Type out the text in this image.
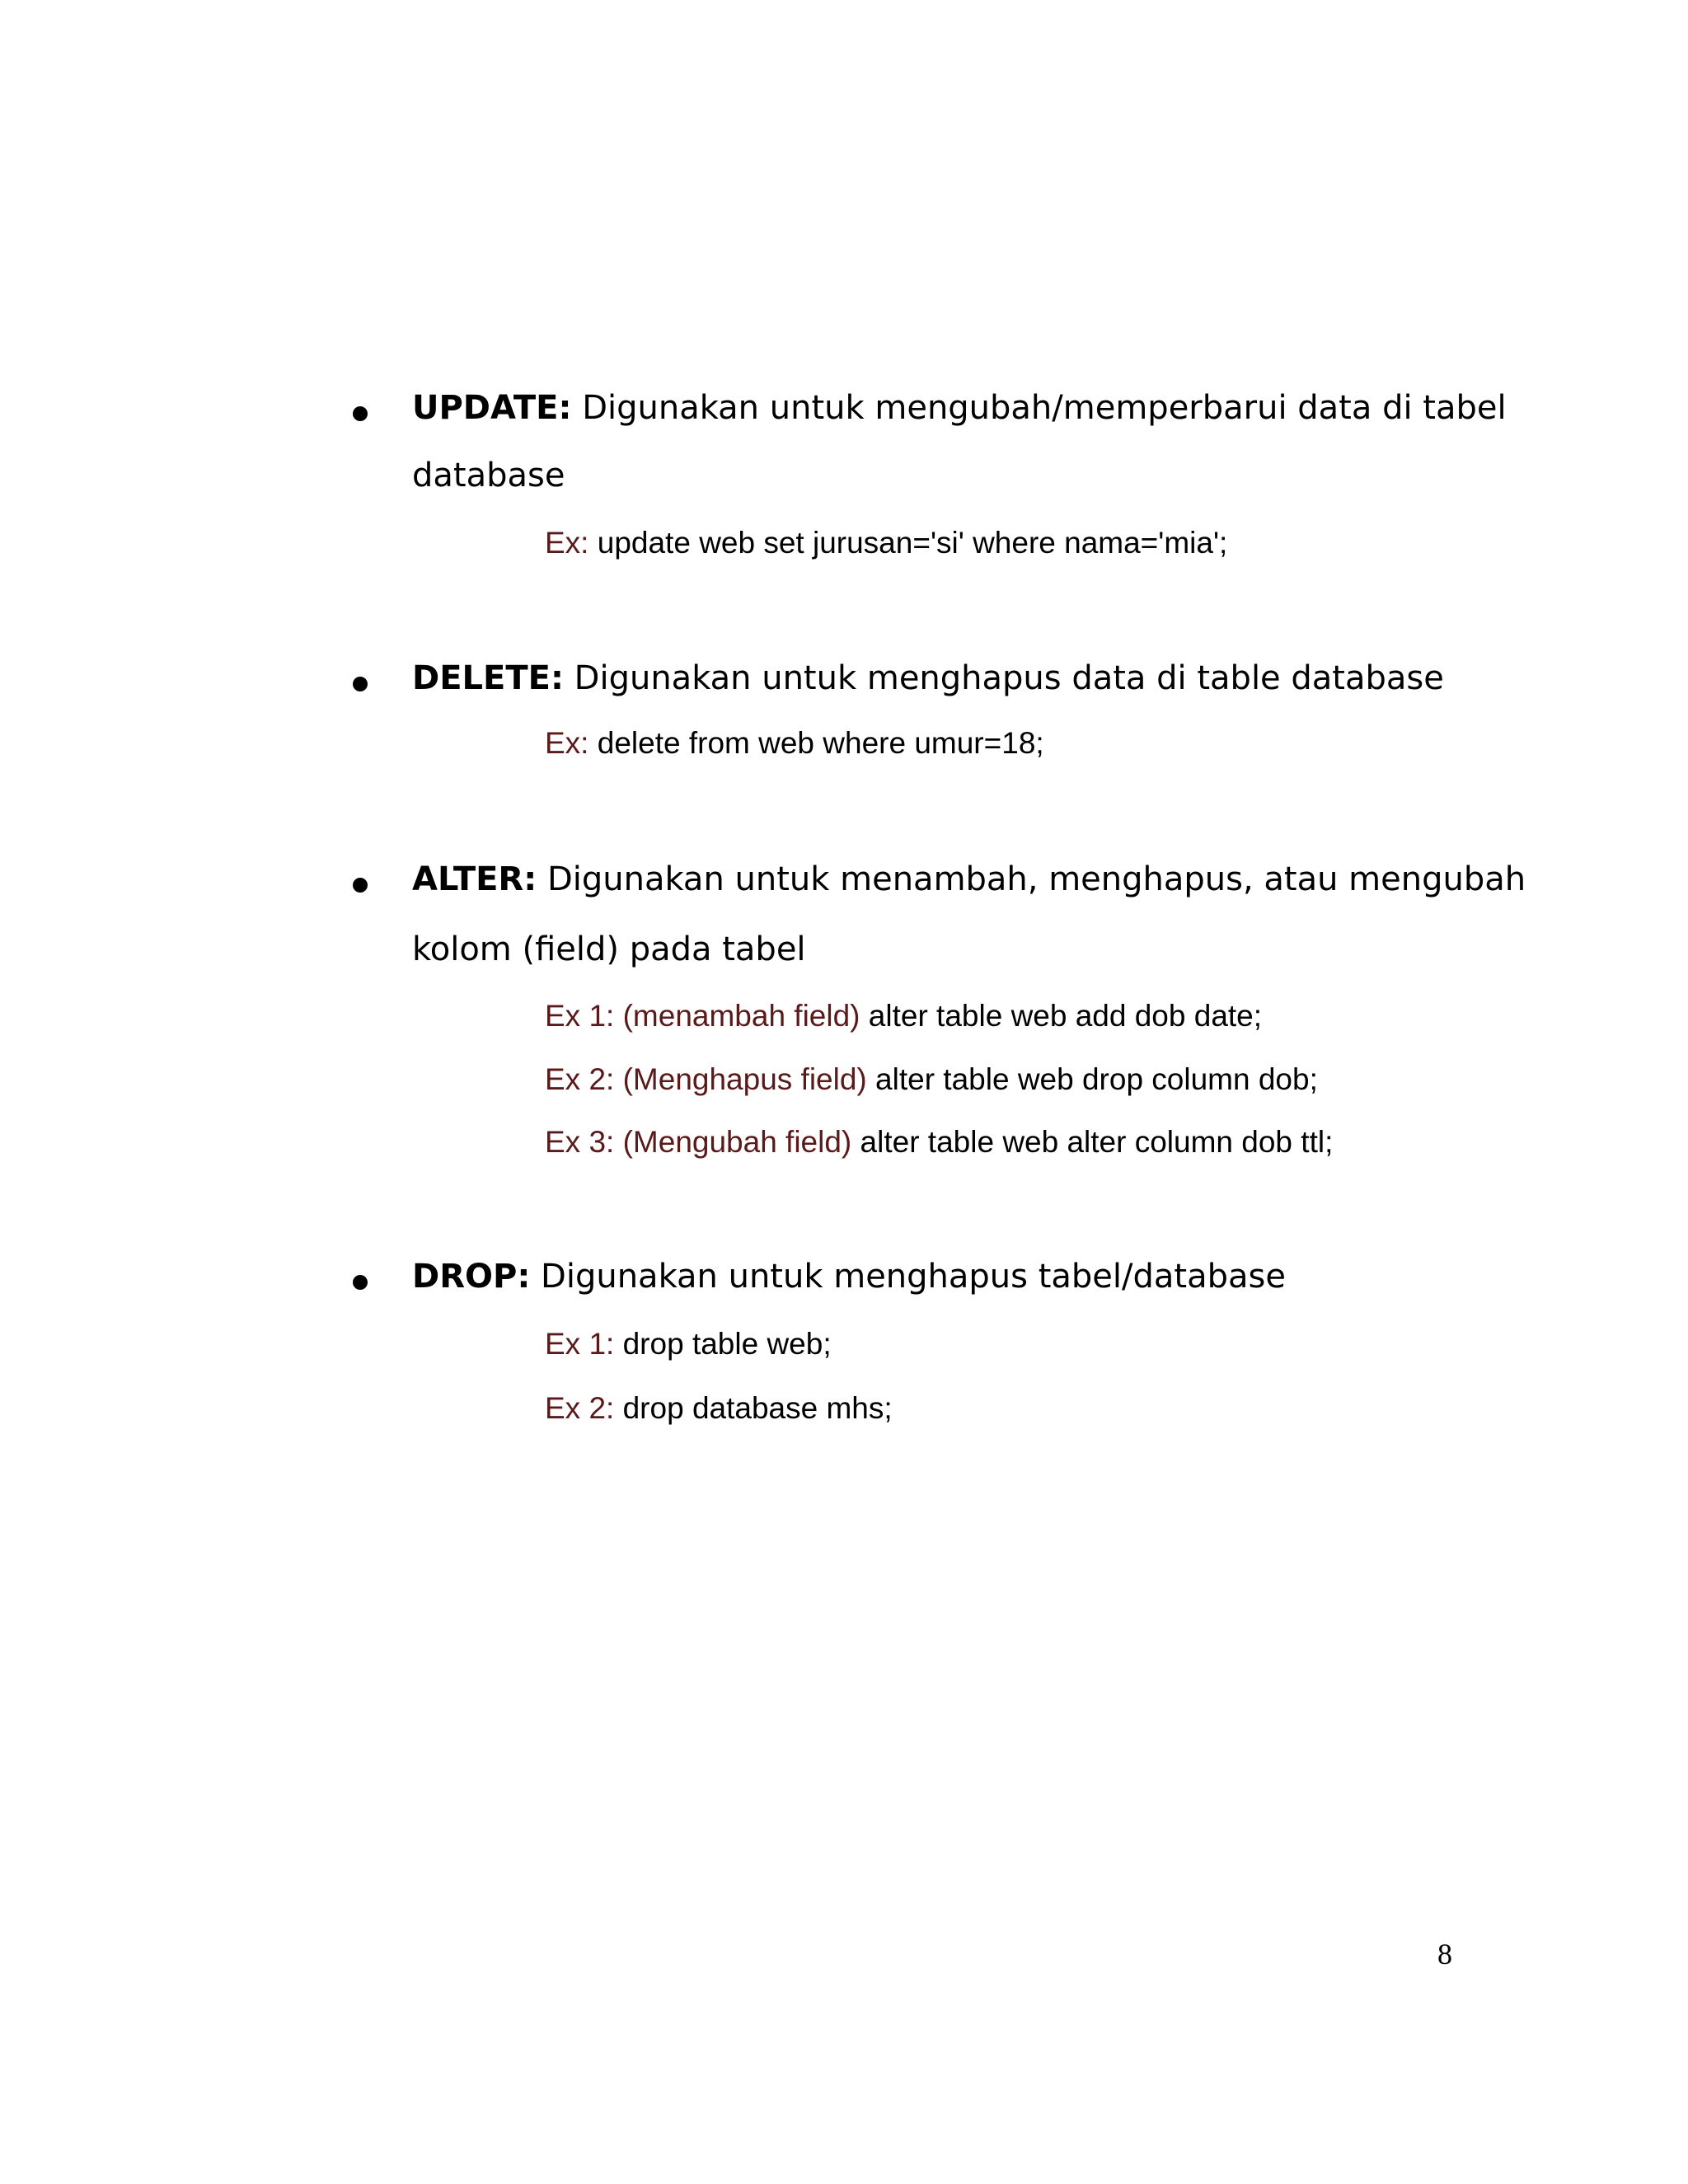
UPDATE: Digunakan untuk mengubah/memperbarui data di tabel
database
Ex: update web set jurusan='si' where nama='mia';
DELETE: Digunakan untuk menghapus data di table database
Ex: delete from web where umur=18;
ALTER: Digunakan untuk menambah, menghapus, atau mengubah
kolom (field) pada tabel
Ex 1: (menambah field) alter table web add dob date;
Ex 2: (Menghapus field) alter table web drop column dob;
Ex 3: (Mengubah field) alter table web alter column dob ttl;
DROP: Digunakan untuk menghapus tabel/database
Ex 1: drop table web;
Ex 2: drop database mhs;
8
